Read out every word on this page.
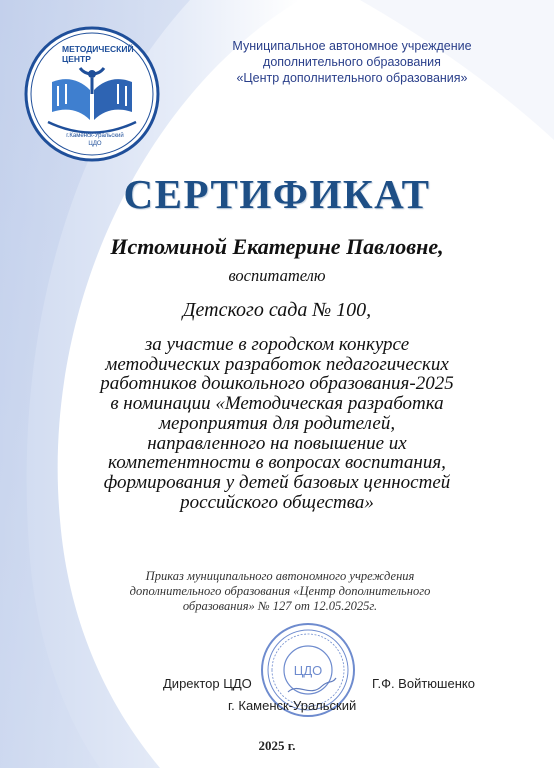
МЕТОДИЧЕСКИЙ
ЦЕНТР
г.Каменск-Уральский
ЦДО
Муниципальное автономное учреждение
дополнительного образования
«Центр дополнительного образования»
СЕРТИФИКАТ
Истоминой Екатерине Павловне,
воспитателю
Детского сада № 100,
за участие в городском конкурсе
методических разработок педагогических
работников дошкольного образования-2025
в номинации «Методическая разработка
мероприятия для родителей,
направленного на повышение их
компетентности в вопросах воспитания,
формирования у детей базовых ценностей
российского общества»
Приказ муниципального автономного учреждения
дополнительного образования «Центр дополнительного
образования» № 127 от 12.05.2025г.
ЦДО
Директор ЦДО	Г.Ф. Войтюшенко
г. Каменск-Уральский
2025 г.
